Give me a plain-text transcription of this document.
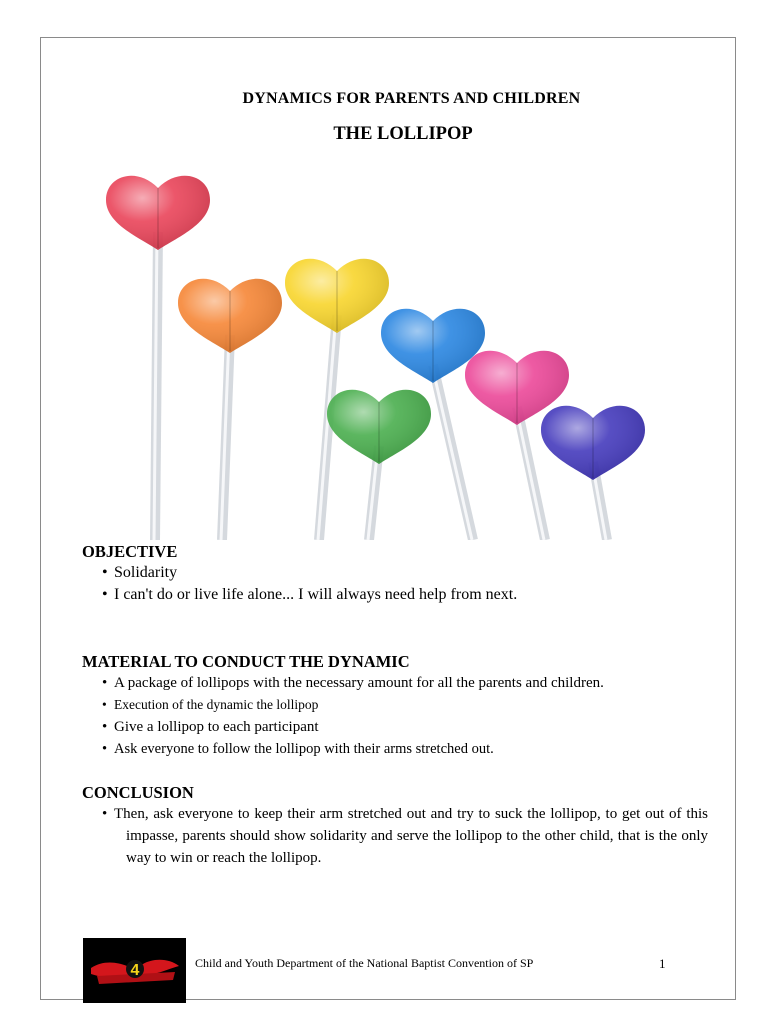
DYNAMICS FOR PARENTS AND CHILDREN
THE LOLLIPOP

OBJECTIVE

• Solidarity
• I can't do or live life alone... I will always need help from next.

MATERIAL TO CONDUCT THE DYNAMIC

• A package of lollipops with the necessary amount for all the parents and children.
• Execution of the dynamic the lollipop
• Give a lollipop to each participant
• Ask everyone to follow the lollipop with their arms stretched out.

CONCLUSION

• Then, ask everyone to keep their arm stretched out and try to suck the lollipop, to get out of this impasse, parents should show solidarity and serve the lollipop to the other child, that is the only way to win or reach the lollipop.
4	Child and Youth Department of the National Baptist Convention of SP	1
